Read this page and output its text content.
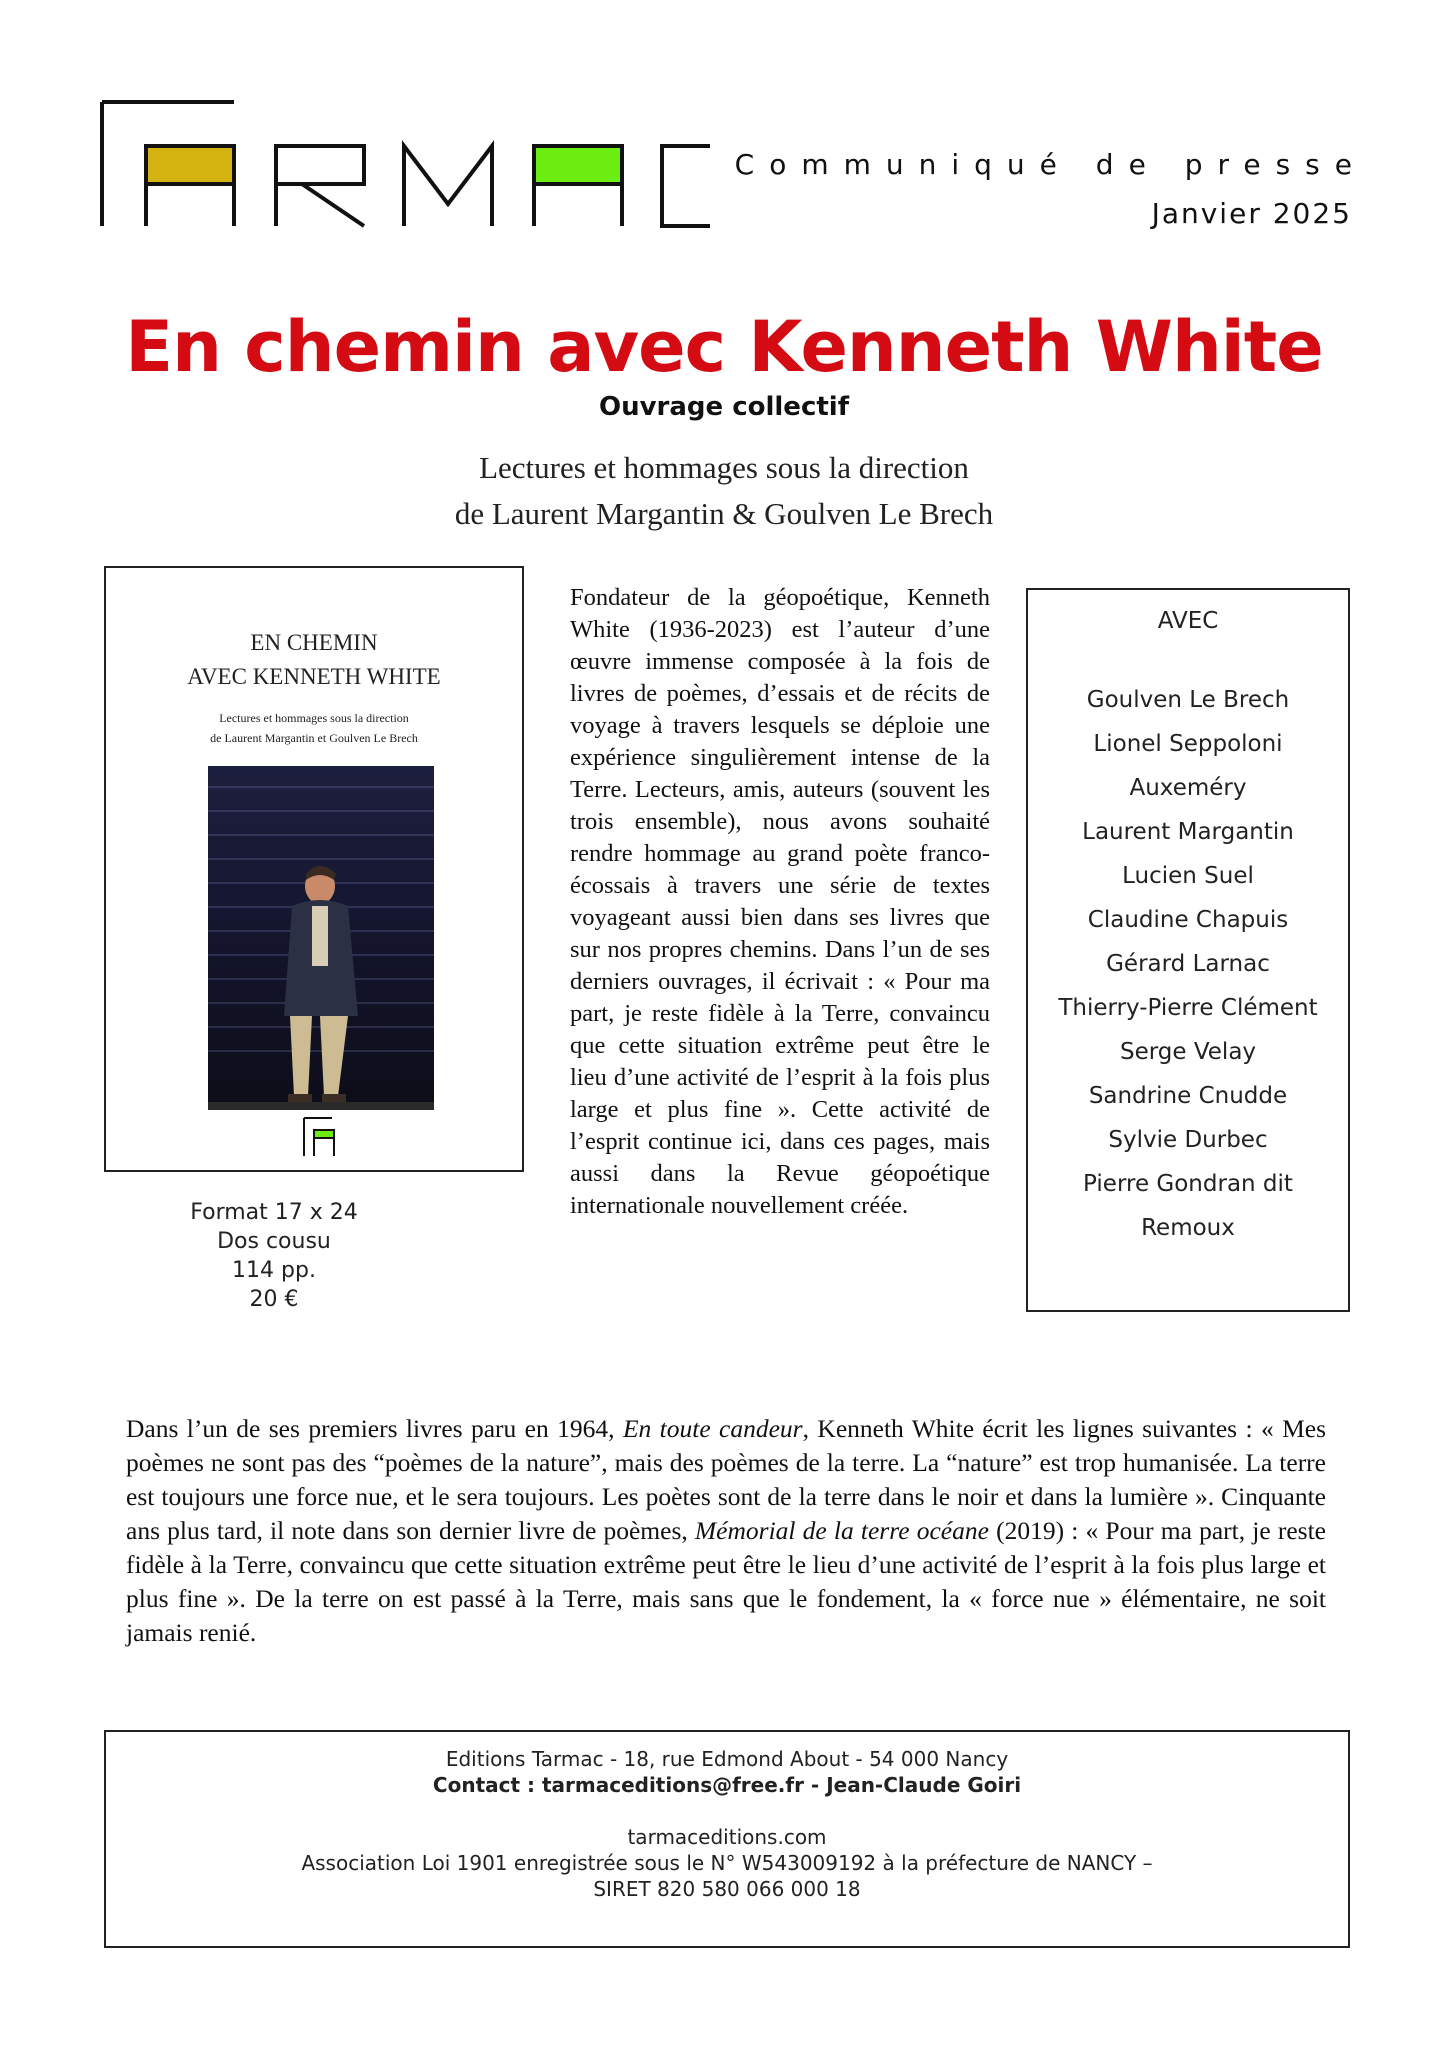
Communiqué de presse
Janvier 2025
En chemin avec Kenneth White
Ouvrage collectif
Lectures et hommages sous la direction
de Laurent Margantin & Goulven Le Brech
EN CHEMIN
AVEC KENNETH WHITE
Lectures et hommages sous la direction
de Laurent Margantin et Goulven Le Brech
Format 17 x 24
Dos cousu
114 pp.
20 €

Fondateur de la géopoétique, Kenneth White (1936-2023) est l’auteur d’une œuvre immense composée à la fois de livres de poèmes, d’essais et de récits de voyage à travers lesquels se déploie une expérience singulièrement intense de la Terre. Lecteurs, amis, auteurs (souvent les trois ensemble), nous avons souhaité rendre hommage au grand poète franco-écossais à travers une série de textes voyageant aussi bien dans ses livres que sur nos propres chemins. Dans l’un de ses derniers ouvrages, il écrivait : « Pour ma part, je reste fidèle à la Terre, convaincu que cette situation extrême peut être le lieu d’une activité de l’esprit à la fois plus large et plus fine ». Cette activité de l’esprit continue ici, dans ces pages, mais aussi dans la Revue géopoétique internationale nouvellement créée.

AVEC
Goulven Le Brech
Lionel Seppoloni
Auxeméry
Laurent Margantin
Lucien Suel
Claudine Chapuis
Gérard Larnac
Thierry-Pierre Clément
Serge Velay
Sandrine Cnudde
Sylvie Durbec
Pierre Gondran dit
Remoux

Dans l’un de ses premiers livres paru en 1964, En toute candeur, Kenneth White écrit les lignes suivantes : « Mes poèmes ne sont pas des “poèmes de la nature”, mais des poèmes de la terre. La “nature” est trop humanisée. La terre est toujours une force nue, et le sera toujours. Les poètes sont de la terre dans le noir et dans la lumière ». Cinquante ans plus tard, il note dans son dernier livre de poèmes, Mémorial de la terre océane (2019) : « Pour ma part, je reste fidèle à la Terre, convaincu que cette situation extrême peut être le lieu d’une activité de l’esprit à la fois plus large et plus fine ». De la terre on est passé à la Terre, mais sans que le fondement, la « force nue » élémentaire, ne soit jamais renié.

Editions Tarmac - 18, rue Edmond About - 54 000 Nancy
Contact : tarmaceditions@free.fr - Jean-Claude Goiri
tarmaceditions.com
Association Loi 1901 enregistrée sous le N° W543009192 à la préfecture de NANCY –
SIRET 820 580 066 000 18
